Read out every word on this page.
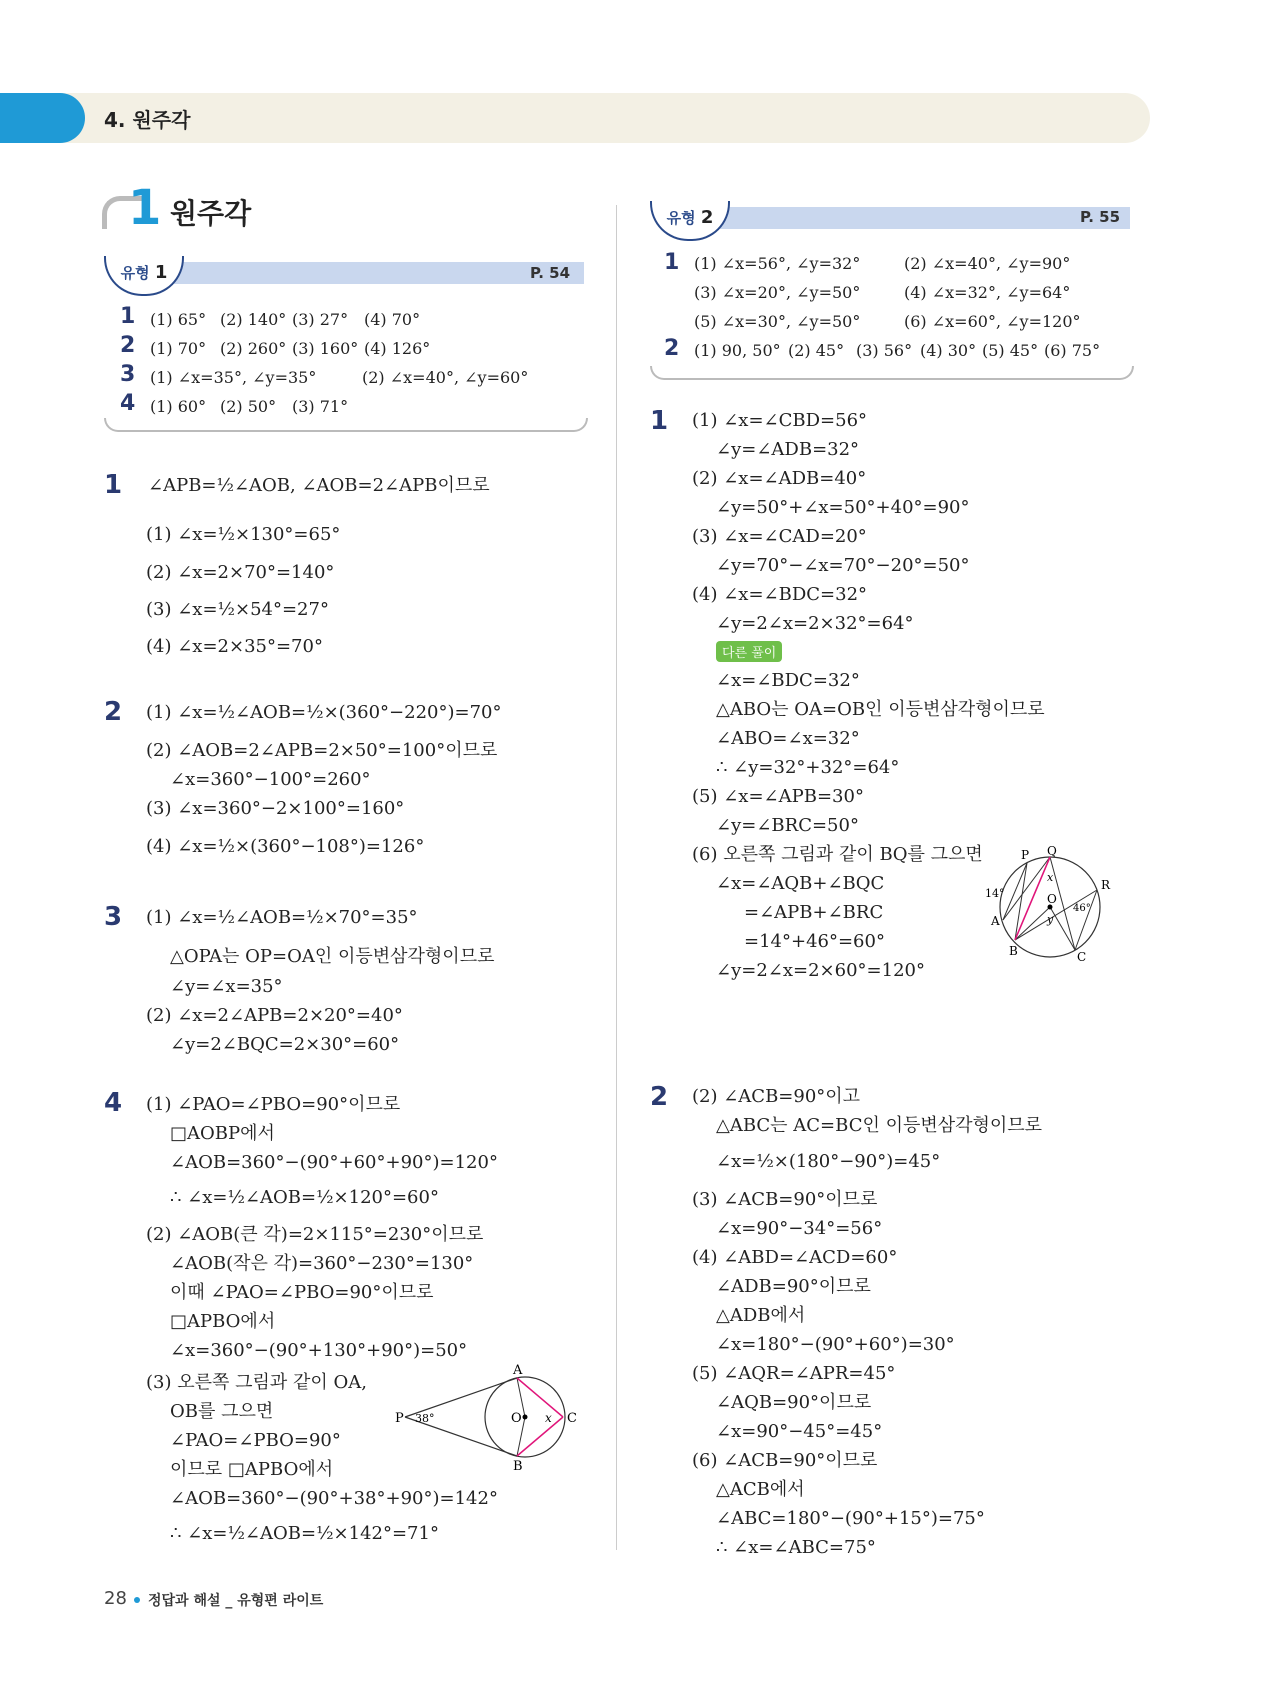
4. 원주각
1 원주각
유형 1	P. 54
1 (1) 65° (2) 140° (3) 27° (4) 70°
2 (1) 70° (2) 260° (3) 160° (4) 126°
3 (1) ∠x=35°, ∠y=35°	(2) ∠x=40°, ∠y=60°
4 (1) 60° (2) 50° (3) 71°
유형 2	P. 55
1 (1) ∠x=56°, ∠y=32°	(2) ∠x=40°, ∠y=90°
(3) ∠x=20°, ∠y=50°	(4) ∠x=32°, ∠y=64°
(5) ∠x=30°, ∠y=50°	(6) ∠x=60°, ∠y=120°
2 (1) 90, 50° (2) 45° (3) 56° (4) 30° (5) 45° (6) 75°
1 ∠APB=½∠AOB, ∠AOB=2∠APB이므로
(1) ∠x=½×130°=65°
(2) ∠x=2×70°=140°
(3) ∠x=½×54°=27°
(4) ∠x=2×35°=70°
2 (1) ∠x=½∠AOB=½×(360°−220°)=70°
(2) ∠AOB=2∠APB=2×50°=100°이므로
∠x=360°−100°=260°
(3) ∠x=360°−2×100°=160°
(4) ∠x=½×(360°−108°)=126°
3 (1) ∠x=½∠AOB=½×70°=35°
△OPA는 OP=OA인 이등변삼각형이므로
∠y=∠x=35°
(2) ∠x=2∠APB=2×20°=40°
∠y=2∠BQC=2×30°=60°
4 (1) ∠PAO=∠PBO=90°이므로
□AOBP에서
∠AOB=360°−(90°+60°+90°)=120°
∴ ∠x=½∠AOB=½×120°=60°
(2) ∠AOB(큰 각)=2×115°=230°이므로
∠AOB(작은 각)=360°−230°=130°
이때 ∠PAO=∠PBO=90°이므로
□APBO에서
∠x=360°−(90°+130°+90°)=50°
(3) 오른쪽 그림과 같이 OA,
OB를 그으면
∠PAO=∠PBO=90°
이므로 □APBO에서
∠AOB=360°−(90°+38°+90°)=142°
∴ ∠x=½∠AOB=½×142°=71°
A
P 38°	O x C
B
1 (1) ∠x=∠CBD=56°
∠y=∠ADB=32°
(2) ∠x=∠ADB=40°
∠y=50°+∠x=50°+40°=90°
(3) ∠x=∠CAD=20°
∠y=70°−∠x=70°−20°=50°
(4) ∠x=∠BDC=32°
∠y=2∠x=2×32°=64°
다른 풀이
∠x=∠BDC=32°
△ABO는 OA=OB인 이등변삼각형이므로
∠ABO=∠x=32°
∴ ∠y=32°+32°=64°
(5) ∠x=∠APB=30°
∠y=∠BRC=50°
(6) 오른쪽 그림과 같이 BQ를 그으면
∠x=∠AQB+∠BQC
=∠APB+∠BRC
=14°+46°=60°
∠y=2∠x=2×60°=120°
P Q
R
14°
x
O
46°
y
A
B	C
2 (2) ∠ACB=90°이고
△ABC는 AC=BC인 이등변삼각형이므로
∠x=½×(180°−90°)=45°
(3) ∠ACB=90°이므로
∠x=90°−34°=56°
(4) ∠ABD=∠ACD=60°
∠ADB=90°이므로
△ADB에서
∠x=180°−(90°+60°)=30°
(5) ∠AQR=∠APR=45°
∠AQB=90°이므로
∠x=90°−45°=45°
(6) ∠ACB=90°이므로
△ACB에서
∠ABC=180°−(90°+15°)=75°
∴ ∠x=∠ABC=75°
28 정답과 해설 _ 유형편 라이트
